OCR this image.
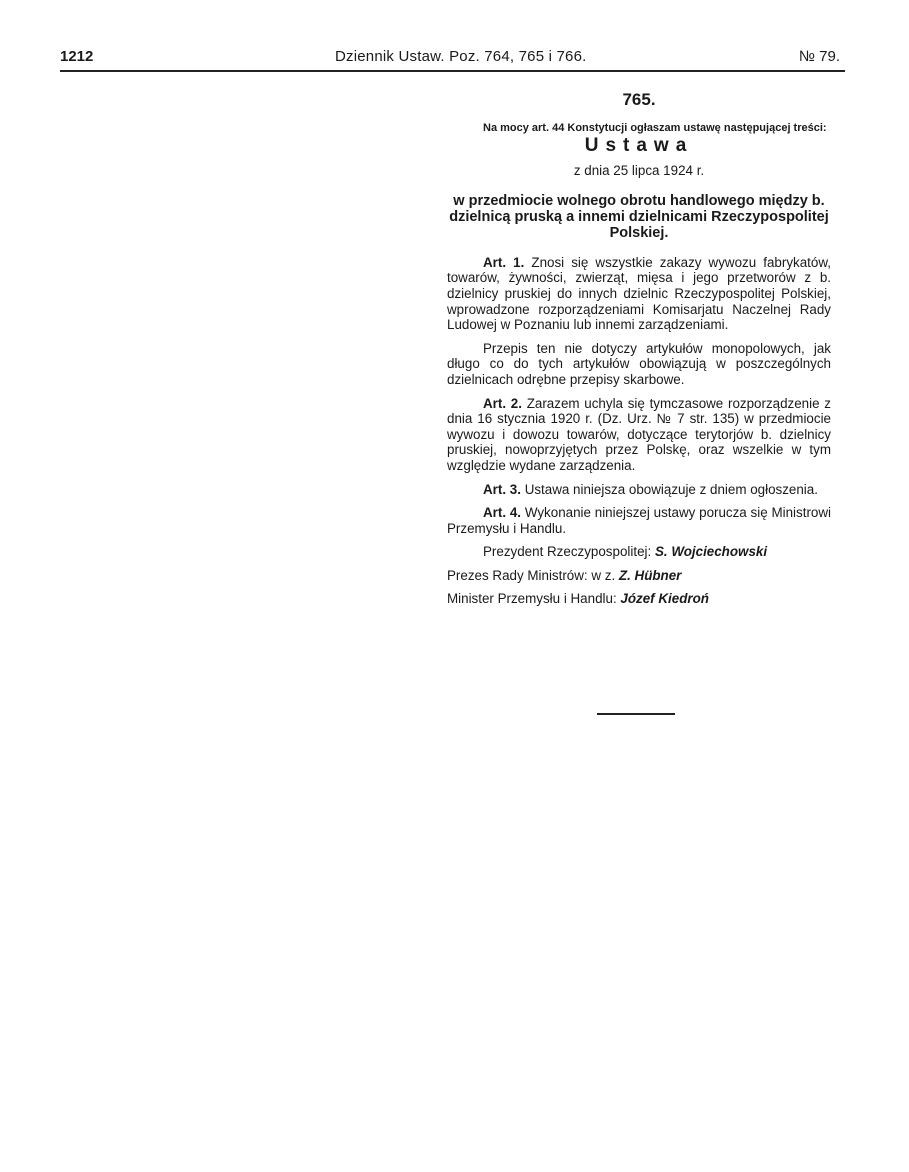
1212	Dziennik Ustaw. Poz. 764, 765 i 766.	№ 79.
765.

Na mocy art. 44 Konstytucji ogłaszam ustawę następującej treści:

Ustawa
z dnia 25 lipca 1924 r.
w przedmiocie wolnego obrotu handlowego między b. dzielnicą pruską a innemi dzielnicami Rzeczypospolitej Polskiej.

Art. 1. Znosi się wszystkie zakazy wywozu fabrykatów, towarów, żywności, zwierząt, mięsa i jego przetworów z b. dzielnicy pruskiej do innych dzielnic Rzeczypospolitej Polskiej, wprowadzone rozporządzeniami Komisarjatu Naczelnej Rady Ludowej w Poznaniu lub innemi zarządzeniami.

Przepis ten nie dotyczy artykułów monopolowych, jak długo co do tych artykułów obowiązują w poszczególnych dzielnicach odrębne przepisy skarbowe.

Art. 2. Zarazem uchyla się tymczasowe rozporządzenie z dnia 16 stycznia 1920 r. (Dz. Urz. № 7 str. 135) w przedmiocie wywozu i dowozu towarów, dotyczące terytorjów b. dzielnicy pruskiej, nowoprzyjętych przez Polskę, oraz wszelkie w tym względzie wydane zarządzenia.

Art. 3. Ustawa niniejsza obowiązuje z dniem ogłoszenia.

Art. 4. Wykonanie niniejszej ustawy porucza się Ministrowi Przemysłu i Handlu.

Prezydent Rzeczypospolitej: S. Wojciechowski
Prezes Rady Ministrów: w z. Z. Hübner
Minister Przemysłu i Handlu: Józef Kiedroń
